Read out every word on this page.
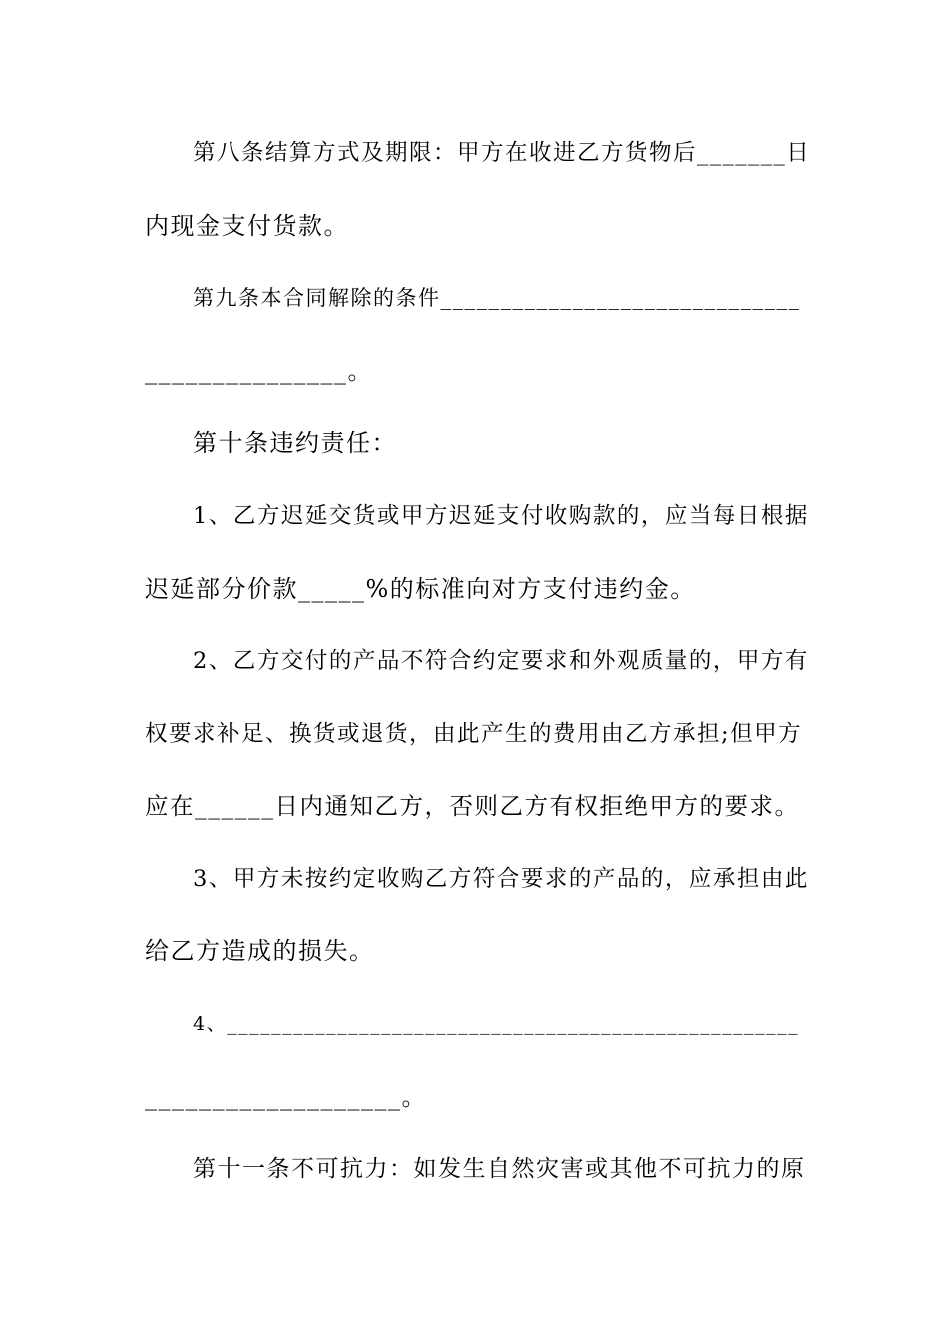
第八条结算方式及期限：甲方在收进乙方货物后_______日
内现金支付货款。
第九条本合同解除的条件______________________________
_______________。
第十条违约责任：
1、乙方迟延交货或甲方迟延支付收购款的，应当每日根据
迟延部分价款_____%的标准向对方支付违约金。
2、乙方交付的产品不符合约定要求和外观质量的，甲方有
权要求补足、换货或退货，由此产生的费用由乙方承担;但甲方
应在______日内通知乙方，否则乙方有权拒绝甲方的要求。
3、甲方未按约定收购乙方符合要求的产品的，应承担由此
给乙方造成的损失。
4、____________________________________________________
___________________。
第十一条不可抗力：如发生自然灾害或其他不可抗力的原
